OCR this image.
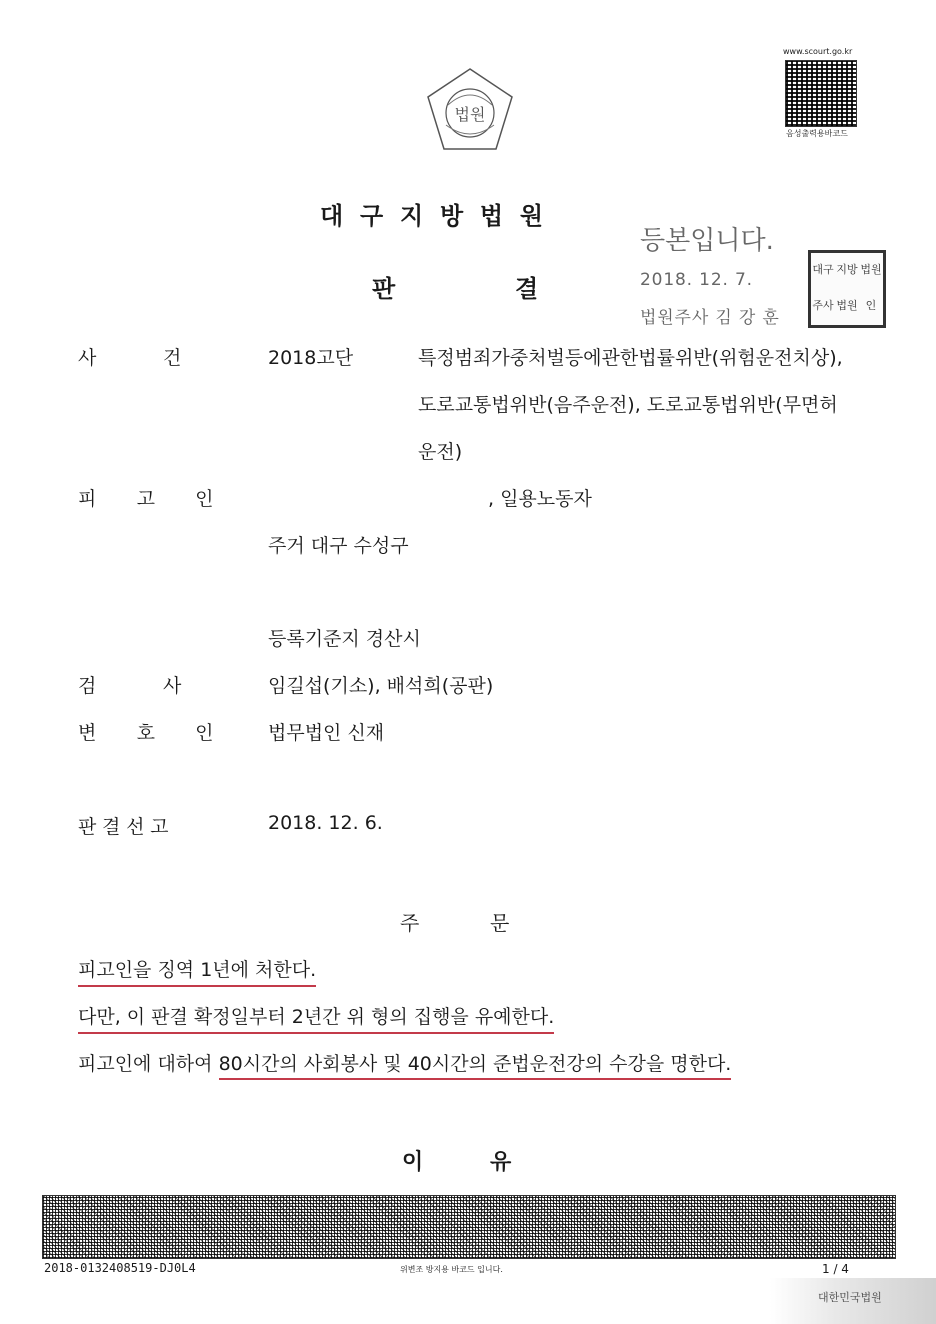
법원
www.scourt.go.kr
음성출력용바코드
대구지방법원
판	결
등본입니다.
2018. 12. 7.
법원주사 김 강 훈
대구 지방 법원
주사 법원 인
사	건	2018고단	특정범죄가중처벌등에관한법률위반(위험운전치상),
도로교통법위반(음주운전), 도로교통법위반(무면허
운전)
피 고 인	, 일용노동자
주거 대구 수성구
등록기준지 경산시
검	사	임길섭(기소), 배석희(공판)
변 호 인 법무법인 신재
판결선고	2018. 12. 6.
주	문
피고인을 징역 1년에 처한다.
다만, 이 판결 확정일부터 2년간 위 형의 집행을 유예한다.
피고인에 대하여 80시간의 사회봉사 및 40시간의 준법운전강의 수강을 명한다.
이	유
2018-0132408519-DJ0L4	위변조 방지용 바코드 입니다.	1 / 4
대한민국법원
